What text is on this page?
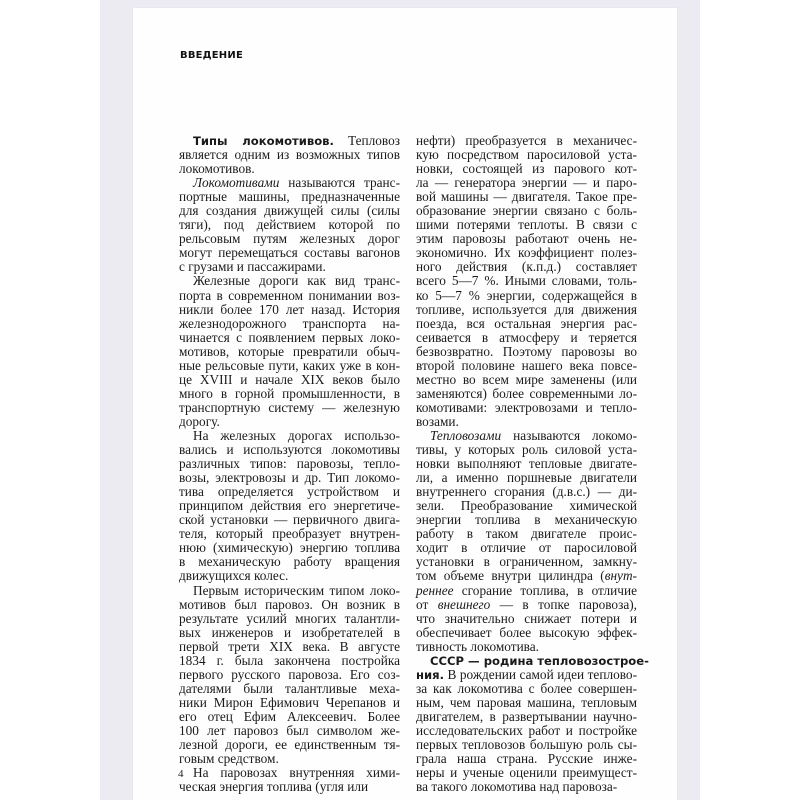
ВВЕДЕНИЕ

Типы локомотивов. Тепловоз
является одним из возможных типов
локомотивов.

Локомотивами называются транс-
портные машины, предназначенные
для создания движущей силы (силы
тяги), под действием которой по
рельсовым путям железных дорог
могут перемещаться составы вагонов
с грузами и пассажирами.

Железные дороги как вид транс-
порта в современном понимании воз-
никли более 170 лет назад. История
железнодорожного транспорта на-
чинается с появлением первых локо-
мотивов, которые превратили обыч-
ные рельсовые пути, каких уже в кон-
це XVIII и начале XIX веков было
много в горной промышленности, в
транспортную систему — железную
дорогу.

На железных дорогах использо-
вались и используются локомотивы
различных типов: паровозы, тепло-
возы, электровозы и др. Тип локомо-
тива определяется устройством и
принципом действия его энергетиче-
ской установки — первичного двига-
теля, который преобразует внутрен-
нюю (химическую) энергию топлива
в механическую работу вращения
движущихся колес.

Первым историческим типом локо-
мотивов был паровоз. Он возник в
результате усилий многих талантли-
вых инженеров и изобретателей в
первой трети XIX века. В августе
1834 г. была закончена постройка
первого русского паровоза. Его соз-
дателями были талантливые меха-
ники Мирон Ефимович Черепанов и
его отец Ефим Алексеевич. Более
100 лет паровоз был символом же-
лезной дороги, ее единственным тя-
говым средством.

На паровозах внутренняя хими-
ческая энергия топлива (угля или

нефти) преобразуется в механичес-
кую посредством паросиловой уста-
новки, состоящей из парового кот-
ла — генератора энергии — и паро-
вой машины — двигателя. Такое пре-
образование энергии связано с боль-
шими потерями теплоты. В связи с
этим паровозы работают очень не-
экономично. Их коэффициент полез-
ного действия (к.п.д.) составляет
всего 5—7 %. Иными словами, толь-
ко 5—7 % энергии, содержащейся в
топливе, используется для движения
поезда, вся остальная энергия рас-
сеивается в атмосферу и теряется
безвозвратно. Поэтому паровозы во
второй половине нашего века повсе-
местно во всем мире заменены (или
заменяются) более современными ло-
комотивами: электровозами и тепло-
возами.

Тепловозами называются локомо-
тивы, у которых роль силовой уста-
новки выполняют тепловые двигате-
ли, а именно поршневые двигатели
внутреннего сгорания (д.в.с.) — ди-
зели. Преобразование химической
энергии топлива в механическую
работу в таком двигателе проис-
ходит в отличие от паросиловой
установки в ограниченном, замкну-
том объеме внутри цилиндра (внут-
реннее сгорание топлива, в отличие
от внешнего — в топке паровоза),
что значительно снижает потери и
обеспечивает более высокую эффек-
тивность локомотива.

СССР — родина тепловозострое-
ния. В рождении самой идеи теплово-
за как локомотива с более совершен-
ным, чем паровая машина, тепловым
двигателем, в развертывании научно-
исследовательских работ и постройке
первых тепловозов большую роль сы-
грала наша страна. Русские инже-
неры и ученые оценили преимущест-
ва такого локомотива над паровоза-

4
